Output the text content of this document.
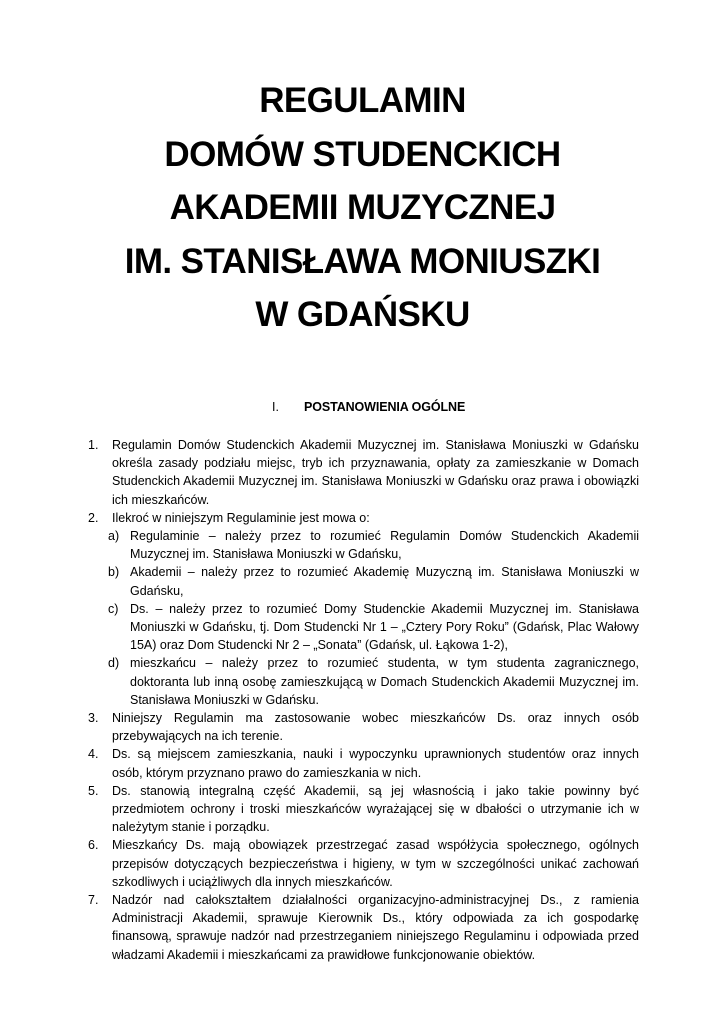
REGULAMIN
DOMÓW STUDENCKICH
AKADEMII MUZYCZNEJ
IM. STANISŁAWA MONIUSZKI
W GDAŃSKU
I. POSTANOWIENIA OGÓLNE
1. Regulamin Domów Studenckich Akademii Muzycznej im. Stanisława Moniuszki w Gdańsku określa zasady podziału miejsc, tryb ich przyznawania, opłaty za zamieszkanie w Domach Studenckich Akademii Muzycznej im. Stanisława Moniuszki w Gdańsku oraz prawa i obowiązki ich mieszkańców.
2. Ilekroć w niniejszym Regulaminie jest mowa o:
a) Regulaminie – należy przez to rozumieć Regulamin Domów Studenckich Akademii Muzycznej im. Stanisława Moniuszki w Gdańsku,
b) Akademii – należy przez to rozumieć Akademię Muzyczną im. Stanisława Moniuszki w Gdańsku,
c) Ds. – należy przez to rozumieć Domy Studenckie Akademii Muzycznej im. Stanisława Moniuszki w Gdańsku, tj. Dom Studencki Nr 1 – „Cztery Pory Roku” (Gdańsk, Plac Wałowy 15A) oraz Dom Studencki Nr 2 – „Sonata” (Gdańsk, ul. Łąkowa 1-2),
d) mieszkańcu – należy przez to rozumieć studenta, w tym studenta zagranicznego, doktoranta lub inną osobę zamieszkującą w Domach Studenckich Akademii Muzycznej im. Stanisława Moniuszki w Gdańsku.
3. Niniejszy Regulamin ma zastosowanie wobec mieszkańców Ds. oraz innych osób przebywających na ich terenie.
4. Ds. są miejscem zamieszkania, nauki i wypoczynku uprawnionych studentów oraz innych osób, którym przyznano prawo do zamieszkania w nich.
5. Ds. stanowią integralną część Akademii, są jej własnością i jako takie powinny być przedmiotem ochrony i troski mieszkańców wyrażającej się w dbałości o utrzymanie ich w należytym stanie i porządku.
6. Mieszkańcy Ds. mają obowiązek przestrzegać zasad współżycia społecznego, ogólnych przepisów dotyczących bezpieczeństwa i higieny, w tym w szczególności unikać zachowań szkodliwych i uciążliwych dla innych mieszkańców.
7. Nadzór nad całokształtem działalności organizacyjno-administracyjnej Ds., z ramienia Administracji Akademii, sprawuje Kierownik Ds., który odpowiada za ich gospodarkę finansową, sprawuje nadzór nad przestrzeganiem niniejszego Regulaminu i odpowiada przed władzami Akademii i mieszkańcami za prawidłowe funkcjonowanie obiektów.
